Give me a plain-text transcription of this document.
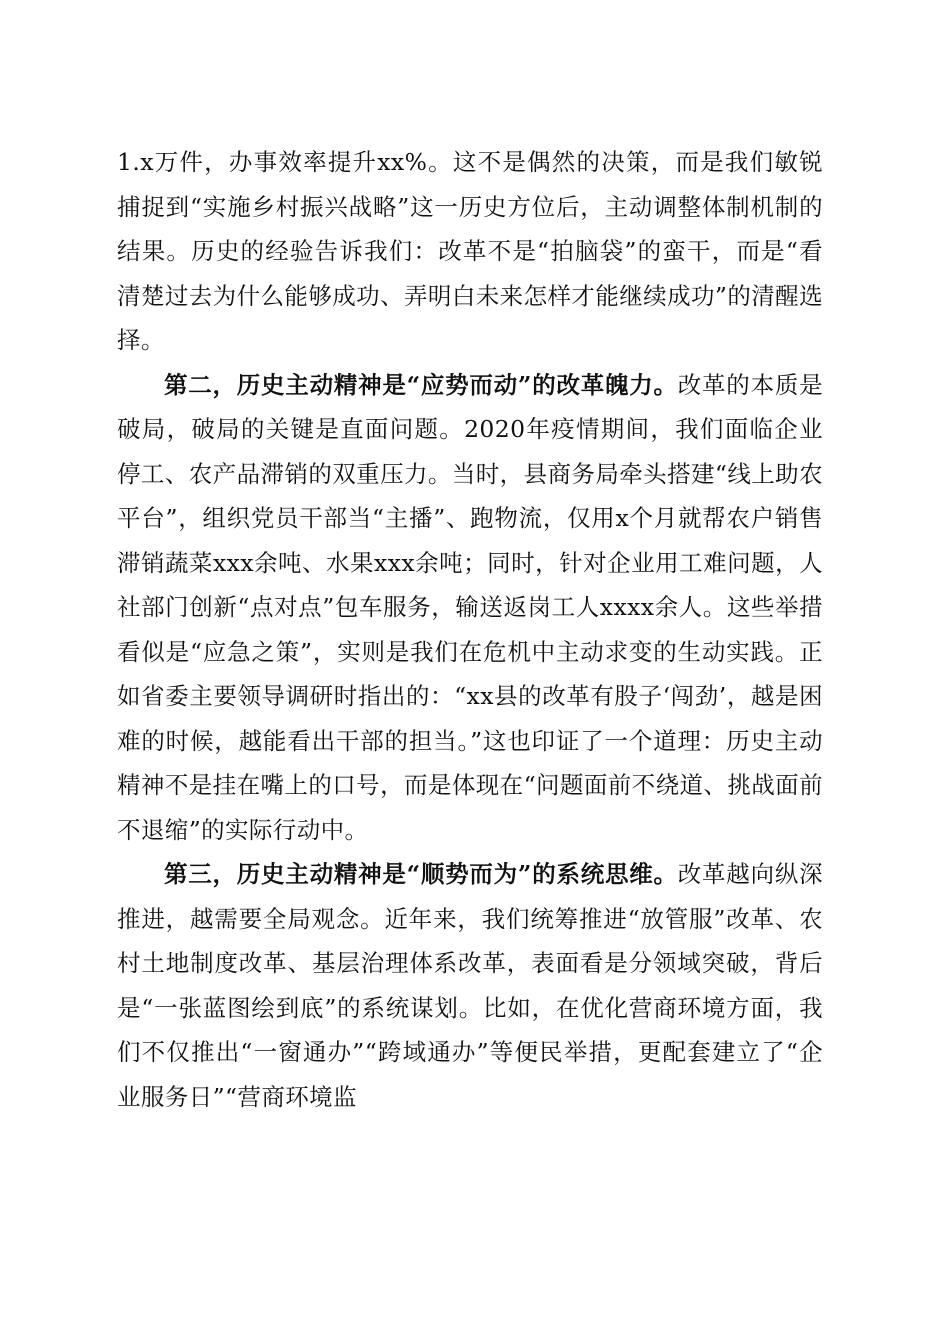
1.x万件，办事效率提升xx%。这不是偶然的决策，而是我们敏锐捕捉到“实施乡村振兴战略”这一历史方位后，主动调整体制机制的结果。历史的经验告诉我们：改革不是“拍脑袋”的蛮干，而是“看清楚过去为什么能够成功、弄明白未来怎样才能继续成功”的清醒选择。

第二，历史主动精神是“应势而动”的改革魄力。改革的本质是破局，破局的关键是直面问题。2020年疫情期间，我们面临企业停工、农产品滞销的双重压力。当时，县商务局牵头搭建“线上助农平台”，组织党员干部当“主播”、跑物流，仅用x个月就帮农户销售滞销蔬菜xxx余吨、水果xxx余吨；同时，针对企业用工难问题，人社部门创新“点对点”包车服务，输送返岗工人xxxx余人。这些举措看似是“应急之策”，实则是我们在危机中主动求变的生动实践。正如省委主要领导调研时指出的：“xx县的改革有股子‘闯劲’，越是困难的时候，越能看出干部的担当。”这也印证了一个道理：历史主动精神不是挂在嘴上的口号，而是体现在“问题面前不绕道、挑战面前不退缩”的实际行动中。

第三，历史主动精神是“顺势而为”的系统思维。改革越向纵深推进，越需要全局观念。近年来，我们统筹推进“放管服”改革、农村土地制度改革、基层治理体系改革，表面看是分领域突破，背后是“一张蓝图绘到底”的系统谋划。比如，在优化营商环境方面，我们不仅推出“一窗通办”“跨域通办”等便民举措，更配套建立了“企业服务日”“营商环境监
